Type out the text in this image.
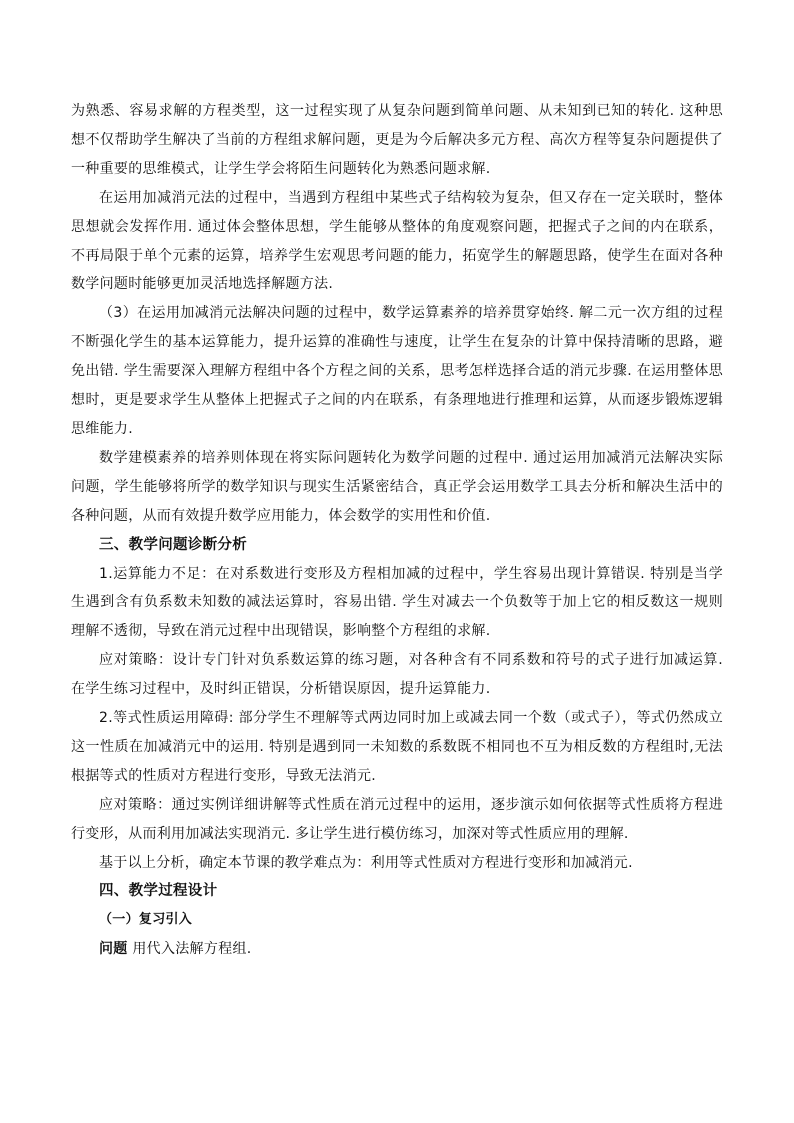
为熟悉、容易求解的方程类型，这一过程实现了从复杂问题到简单问题、从未知到已知的转化. 这种思想不仅帮助学生解决了当前的方程组求解问题，更是为今后解决多元方程、高次方程等复杂问题提供了一种重要的思维模式，让学生学会将陌生问题转化为熟悉问题求解.

在运用加减消元法的过程中，当遇到方程组中某些式子结构较为复杂，但又存在一定关联时，整体思想就会发挥作用. 通过体会整体思想，学生能够从整体的角度观察问题，把握式子之间的内在联系，不再局限于单个元素的运算，培养学生宏观思考问题的能力，拓宽学生的解题思路，使学生在面对各种数学问题时能够更加灵活地选择解题方法.

（3）在运用加减消元法解决问题的过程中，数学运算素养的培养贯穿始终. 解二元一次方组的过程不断强化学生的基本运算能力，提升运算的准确性与速度，让学生在复杂的计算中保持清晰的思路，避免出错. 学生需要深入理解方程组中各个方程之间的关系，思考怎样选择合适的消元步骤. 在运用整体思想时，更是要求学生从整体上把握式子之间的内在联系，有条理地进行推理和运算，从而逐步锻炼逻辑思维能力.

数学建模素养的培养则体现在将实际问题转化为数学问题的过程中. 通过运用加减消元法解决实际问题，学生能够将所学的数学知识与现实生活紧密结合，真正学会运用数学工具去分析和解决生活中的各种问题，从而有效提升数学应用能力，体会数学的实用性和价值.

三、教学问题诊断分析

1.运算能力不足：在对系数进行变形及方程相加减的过程中，学生容易出现计算错误. 特别是当学生遇到含有负系数未知数的减法运算时，容易出错. 学生对减去一个负数等于加上它的相反数这一规则理解不透彻，导致在消元过程中出现错误，影响整个方程组的求解.

应对策略：设计专门针对负系数运算的练习题，对各种含有不同系数和符号的式子进行加减运算. 在学生练习过程中，及时纠正错误，分析错误原因，提升运算能力.

2.等式性质运用障碍: 部分学生不理解等式两边同时加上或减去同一个数（或式子），等式仍然成立这一性质在加减消元中的运用. 特别是遇到同一未知数的系数既不相同也不互为相反数的方程组时,无法根据等式的性质对方程进行变形，导致无法消元.

应对策略：通过实例详细讲解等式性质在消元过程中的运用，逐步演示如何依据等式性质将方程进行变形，从而利用加减法实现消元. 多让学生进行模仿练习，加深对等式性质应用的理解.

基于以上分析，确定本节课的教学难点为：利用等式性质对方程进行变形和加减消元.

四、教学过程设计

（一）复习引入

问题 用代入法解方程组.
